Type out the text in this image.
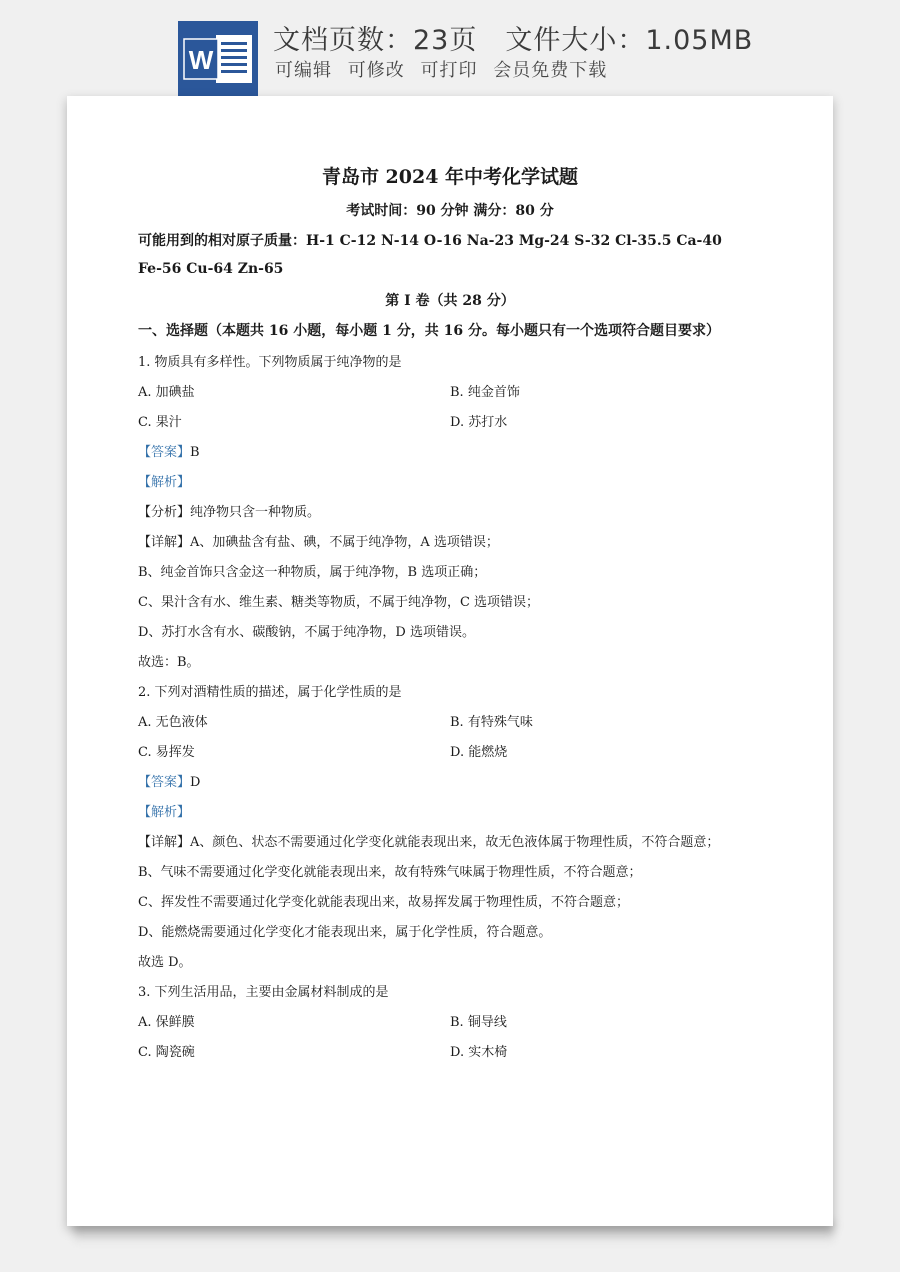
W
文档页数：23页 文件大小：1.05MB
可编辑 可修改 可打印 会员免费下载
青岛市 2024 年中考化学试题
考试时间：90 分钟 满分：80 分
可能用到的相对原子质量：H-1 C-12 N-14 O-16 Na-23 Mg-24 S-32 Cl-35.5 Ca-40
Fe-56 Cu-64 Zn-65
第 I 卷（共 28 分）
一、选择题（本题共 16 小题，每小题 1 分，共 16 分。每小题只有一个选项符合题目要求）
1. 物质具有多样性。下列物质属于纯净物的是
A. 加碘盐	B. 纯金首饰
C. 果汁	D. 苏打水
【答案】B
【解析】
【分析】纯净物只含一种物质。
【详解】A、加碘盐含有盐、碘，不属于纯净物，A 选项错误；
B、纯金首饰只含金这一种物质，属于纯净物，B 选项正确；
C、果汁含有水、维生素、糖类等物质，不属于纯净物，C 选项错误；
D、苏打水含有水、碳酸钠，不属于纯净物，D 选项错误。
故选：B。
2. 下列对酒精性质的描述，属于化学性质的是
A. 无色液体	B. 有特殊气味
C. 易挥发	D. 能燃烧
【答案】D
【解析】
【详解】A、颜色、状态不需要通过化学变化就能表现出来，故无色液体属于物理性质，不符合题意；
B、气味不需要通过化学变化就能表现出来，故有特殊气味属于物理性质，不符合题意；
C、挥发性不需要通过化学变化就能表现出来，故易挥发属于物理性质，不符合题意；
D、能燃烧需要通过化学变化才能表现出来，属于化学性质，符合题意。
故选 D。
3. 下列生活用品，主要由金属材料制成的是
A. 保鲜膜	B. 铜导线
C. 陶瓷碗	D. 实木椅
